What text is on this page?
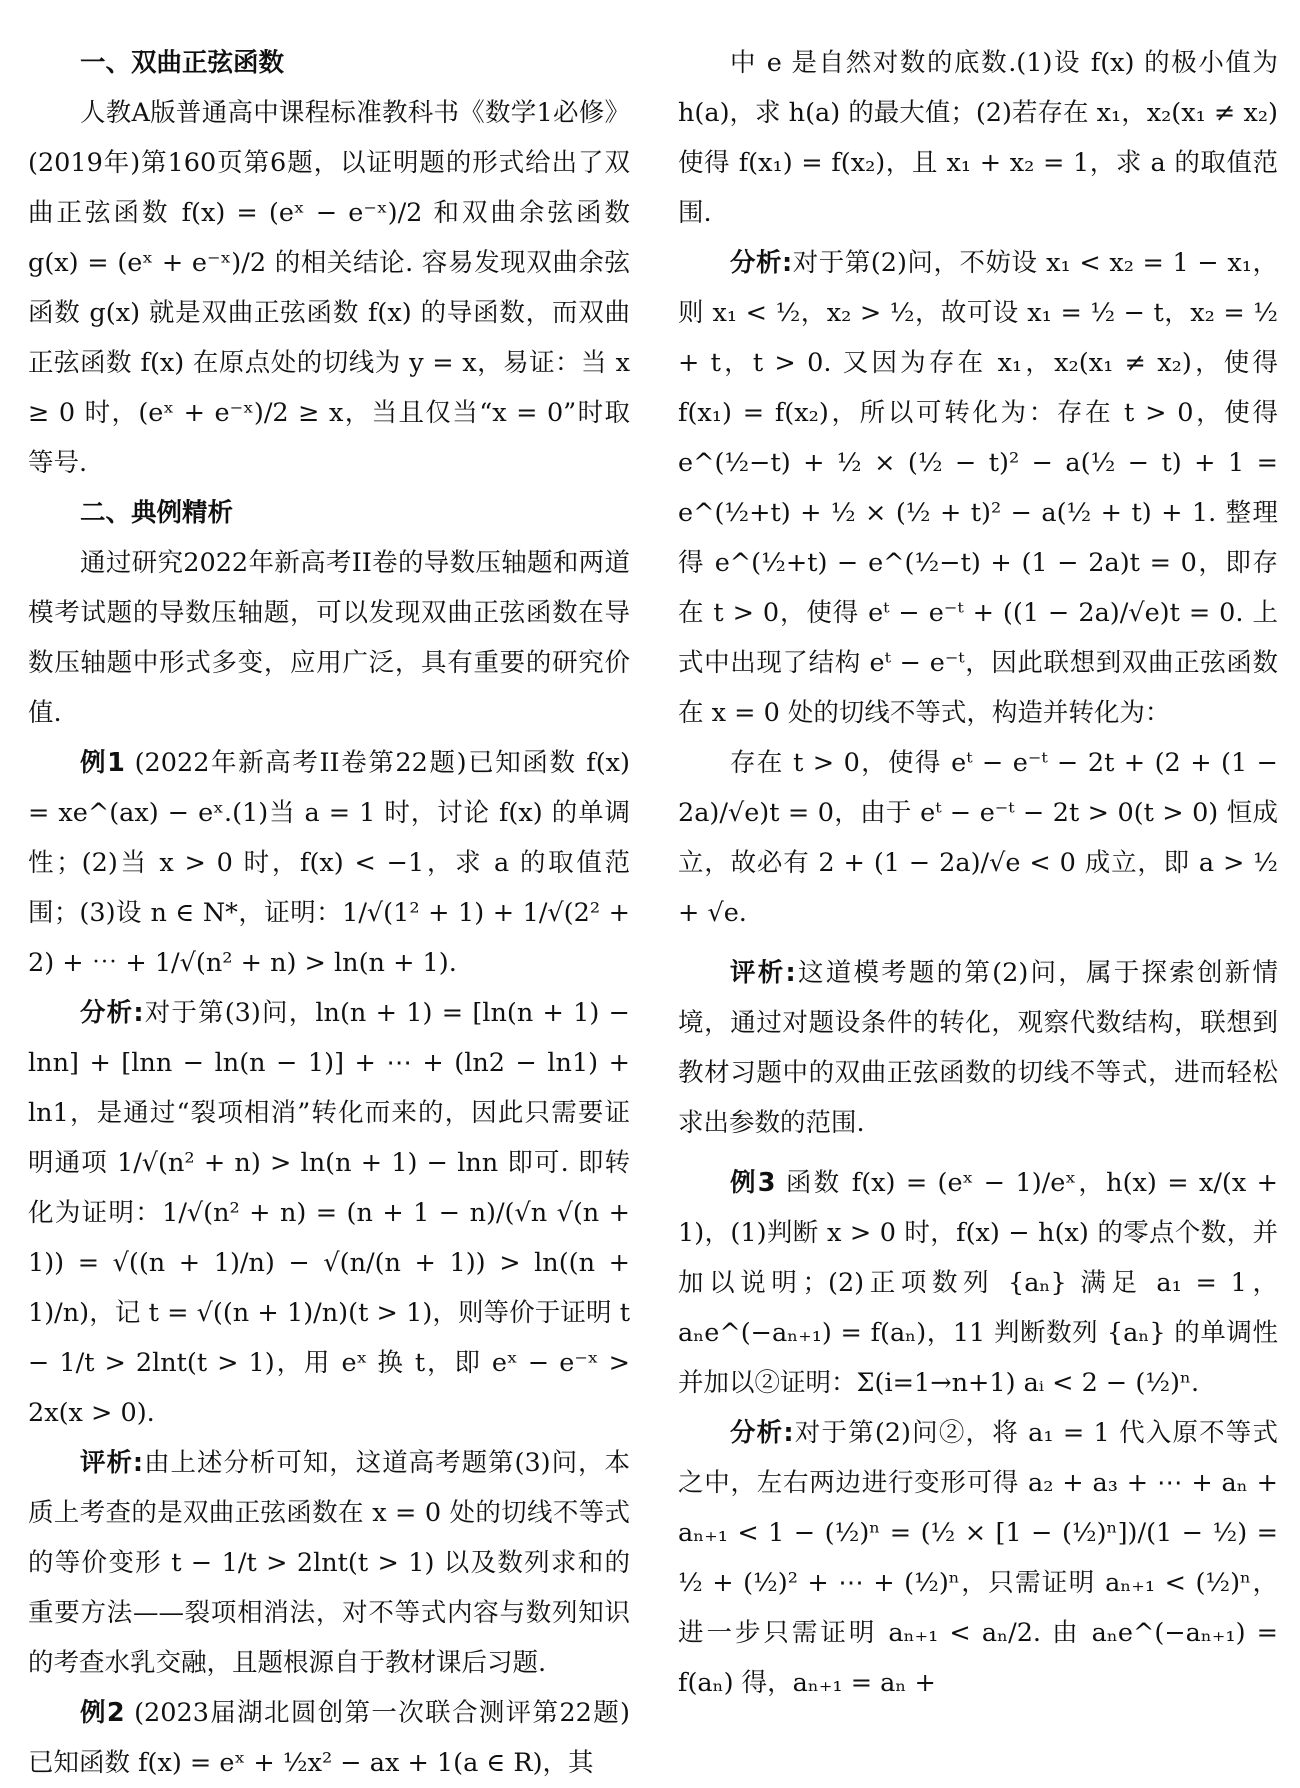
一、双曲正弦函数

人教A版普通高中课程标准教科书《数学1必修》(2019年)第160页第6题，以证明题的形式给出了双曲正弦函数 f(x) = (eˣ − e⁻ˣ)/2 和双曲余弦函数 g(x) = (eˣ + e⁻ˣ)/2 的相关结论. 容易发现双曲余弦函数 g(x) 就是双曲正弦函数 f(x) 的导函数，而双曲正弦函数 f(x) 在原点处的切线为 y = x，易证：当 x ≥ 0 时，(eˣ + e⁻ˣ)/2 ≥ x，当且仅当“x = 0”时取等号.

二、典例精析

通过研究2022年新高考II卷的导数压轴题和两道模考试题的导数压轴题，可以发现双曲正弦函数在导数压轴题中形式多变，应用广泛，具有重要的研究价值.

例1 (2022年新高考II卷第22题)已知函数 f(x) = xe^(ax) − eˣ.(1)当 a = 1 时，讨论 f(x) 的单调性；(2)当 x > 0 时，f(x) < −1，求 a 的取值范围；(3)设 n ∈ N*，证明：1/√(1² + 1) + 1/√(2² + 2) + ⋯ + 1/√(n² + n) > ln(n + 1).

分析:对于第(3)问，ln(n + 1) = [ln(n + 1) − lnn] + [lnn − ln(n − 1)] + ⋯ + (ln2 − ln1) + ln1，是通过“裂项相消”转化而来的，因此只需要证明通项 1/√(n² + n) > ln(n + 1) − lnn 即可. 即转化为证明：1/√(n² + n) = (n + 1 − n)/(√n √(n + 1)) = √((n + 1)/n) − √(n/(n + 1)) > ln((n + 1)/n)，记 t = √((n + 1)/n)(t > 1)，则等价于证明 t − 1/t > 2lnt(t > 1)，用 eˣ 换 t，即 eˣ − e⁻ˣ > 2x(x > 0).

评析:由上述分析可知，这道高考题第(3)问，本质上考查的是双曲正弦函数在 x = 0 处的切线不等式的等价变形 t − 1/t > 2lnt(t > 1) 以及数列求和的重要方法——裂项相消法，对不等式内容与数列知识的考查水乳交融，且题根源自于教材课后习题.

例2 (2023届湖北圆创第一次联合测评第22题)已知函数 f(x) = eˣ + ½x² − ax + 1(a ∈ R)，其

中 e 是自然对数的底数.(1)设 f(x) 的极小值为 h(a)，求 h(a) 的最大值；(2)若存在 x₁，x₂(x₁ ≠ x₂) 使得 f(x₁) = f(x₂)，且 x₁ + x₂ = 1，求 a 的取值范围.

分析:对于第(2)问，不妨设 x₁ < x₂ = 1 − x₁，则 x₁ < ½，x₂ > ½，故可设 x₁ = ½ − t，x₂ = ½ + t，t > 0. 又因为存在 x₁，x₂(x₁ ≠ x₂)，使得 f(x₁) = f(x₂)，所以可转化为：存在 t > 0，使得 e^(½−t) + ½ × (½ − t)² − a(½ − t) + 1 = e^(½+t) + ½ × (½ + t)² − a(½ + t) + 1. 整理得 e^(½+t) − e^(½−t) + (1 − 2a)t = 0，即存在 t > 0，使得 eᵗ − e⁻ᵗ + ((1 − 2a)/√e)t = 0. 上式中出现了结构 eᵗ − e⁻ᵗ，因此联想到双曲正弦函数在 x = 0 处的切线不等式，构造并转化为：

存在 t > 0，使得 eᵗ − e⁻ᵗ − 2t + (2 + (1 − 2a)/√e)t = 0，由于 eᵗ − e⁻ᵗ − 2t > 0(t > 0) 恒成立，故必有 2 + (1 − 2a)/√e < 0 成立，即 a > ½ + √e.

评析:这道模考题的第(2)问，属于探索创新情境，通过对题设条件的转化，观察代数结构，联想到教材习题中的双曲正弦函数的切线不等式，进而轻松求出参数的范围.

例3 函数 f(x) = (eˣ − 1)/eˣ，h(x) = x/(x + 1)，(1)判断 x > 0 时，f(x) − h(x) 的零点个数，并加以说明；(2)正项数列 {aₙ} 满足 a₁ = 1，aₙe^(−aₙ₊₁) = f(aₙ)，11 判断数列 {aₙ} 的单调性并加以②证明：Σ(i=1→n+1) aᵢ < 2 − (½)ⁿ.

分析:对于第(2)问②，将 a₁ = 1 代入原不等式之中，左右两边进行变形可得 a₂ + a₃ + ⋯ + aₙ + aₙ₊₁ < 1 − (½)ⁿ = (½ × [1 − (½)ⁿ])/(1 − ½) = ½ + (½)² + ⋯ + (½)ⁿ，只需证明 aₙ₊₁ < (½)ⁿ，进一步只需证明 aₙ₊₁ < aₙ/2. 由 aₙe^(−aₙ₊₁) = f(aₙ) 得，aₙ₊₁ = aₙ +
